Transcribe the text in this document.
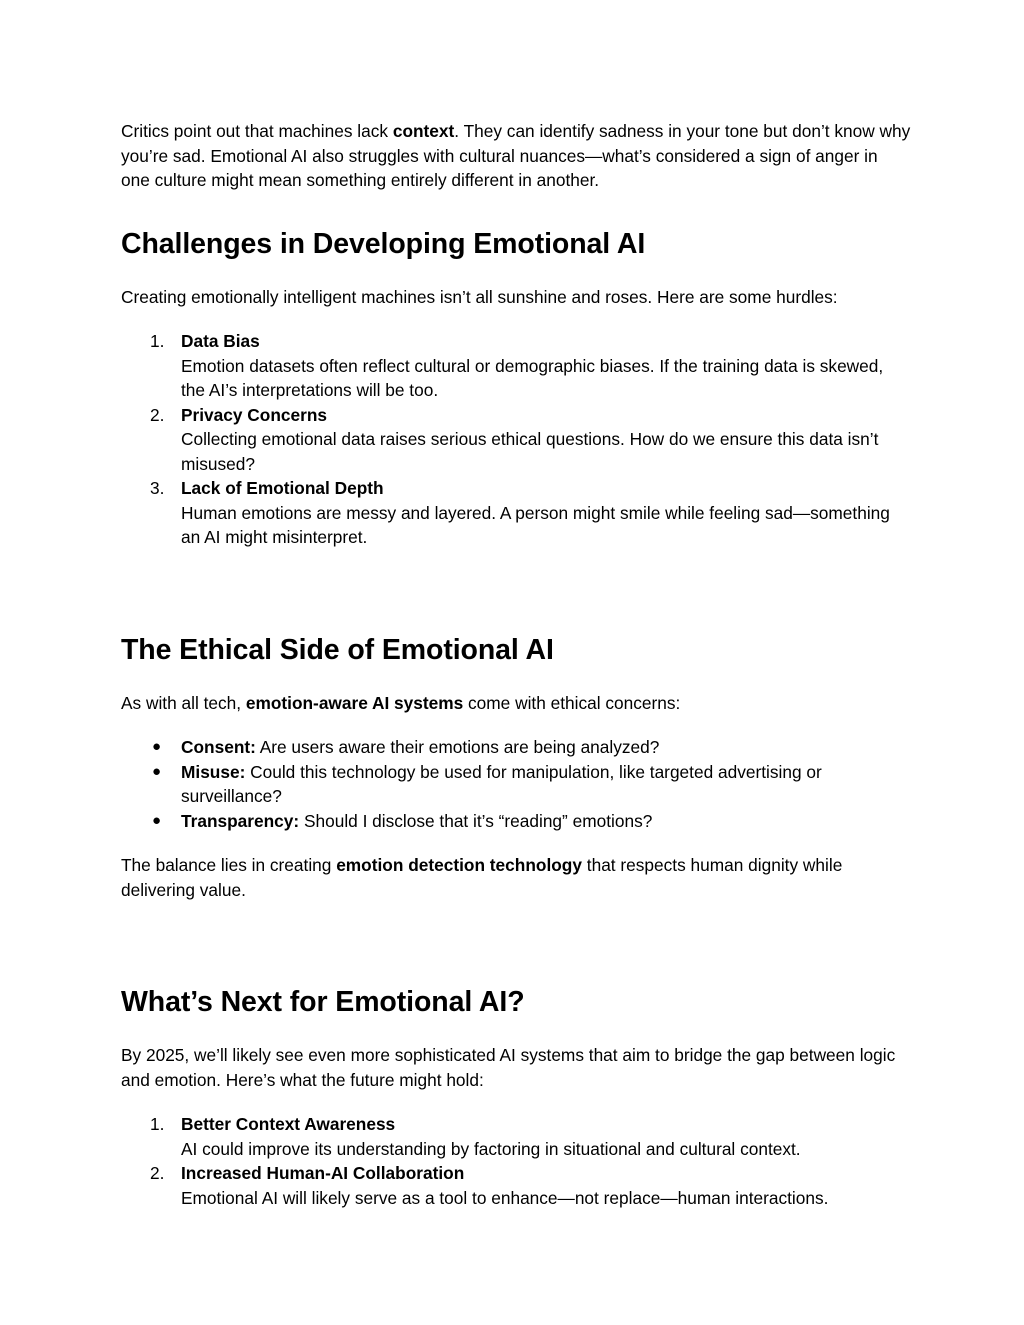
Critics point out that machines lack context. They can identify sadness in your tone but don’t know why you’re sad. Emotional AI also struggles with cultural nuances—what’s considered a sign of anger in one culture might mean something entirely different in another.

Challenges in Developing Emotional AI

Creating emotionally intelligent machines isn’t all sunshine and roses. Here are some hurdles:

1. Data Bias
Emotion datasets often reflect cultural or demographic biases. If the training data is skewed, the AI’s interpretations will be too.
2. Privacy Concerns
Collecting emotional data raises serious ethical questions. How do we ensure this data isn’t misused?
3. Lack of Emotional Depth
Human emotions are messy and layered. A person might smile while feeling sad—something an AI might misinterpret.
The Ethical Side of Emotional AI

As with all tech, emotion-aware AI systems come with ethical concerns:

● Consent: Are users aware their emotions are being analyzed?
● Misuse: Could this technology be used for manipulation, like targeted advertising or surveillance?
● Transparency: Should I disclose that it’s “reading” emotions?

The balance lies in creating emotion detection technology that respects human dignity while delivering value.

What’s Next for Emotional AI?

By 2025, we’ll likely see even more sophisticated AI systems that aim to bridge the gap between logic and emotion. Here’s what the future might hold:

1. Better Context Awareness
AI could improve its understanding by factoring in situational and cultural context.
2. Increased Human-AI Collaboration
Emotional AI will likely serve as a tool to enhance—not replace—human interactions.
